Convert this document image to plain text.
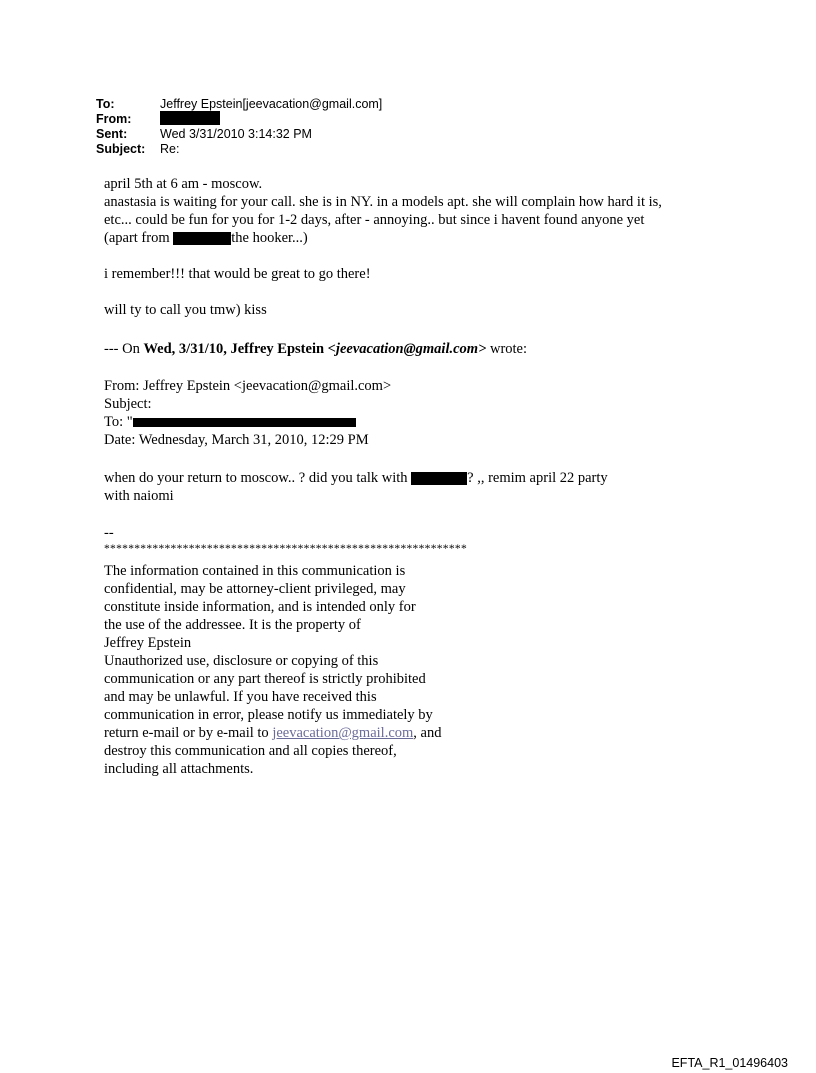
To:	Jeffrey Epstein[jeevacation@gmail.com]
From:
Sent:	Wed 3/31/2010 3:14:32 PM
Subject: Re:
april 5th at 6 am - moscow.
anastasia is waiting for your call. she is in NY. in a models apt. she will complain how hard it is,
etc... could be fun for you for 1-2 days, after - annoying.. but since i havent found anyone yet
(apart from	the hooker...)
i remember!!! that would be great to go there!
will ty to call you tmw) kiss
--- On Wed, 3/31/10, Jeffrey Epstein <jeevacation@gmail.com> wrote:
From: Jeffrey Epstein <jeevacation@gmail.com>
Subject:
To: "
Date: Wednesday, March 31, 2010, 12:29 PM
when do your return to moscow.. ? did you talk with	? ,, remim april 22 party
with naiomi
--
************************************************************
The information contained in this communication is
confidential, may be attorney-client privileged, may
constitute inside information, and is intended only for
the use of the addressee. It is the property of
Jeffrey Epstein
Unauthorized use, disclosure or copying of this
communication or any part thereof is strictly prohibited
and may be unlawful. If you have received this
communication in error, please notify us immediately by
return e-mail or by e-mail to jeevacation@gmail.com, and
destroy this communication and all copies thereof,
including all attachments.
EFTA_R1_01496403
